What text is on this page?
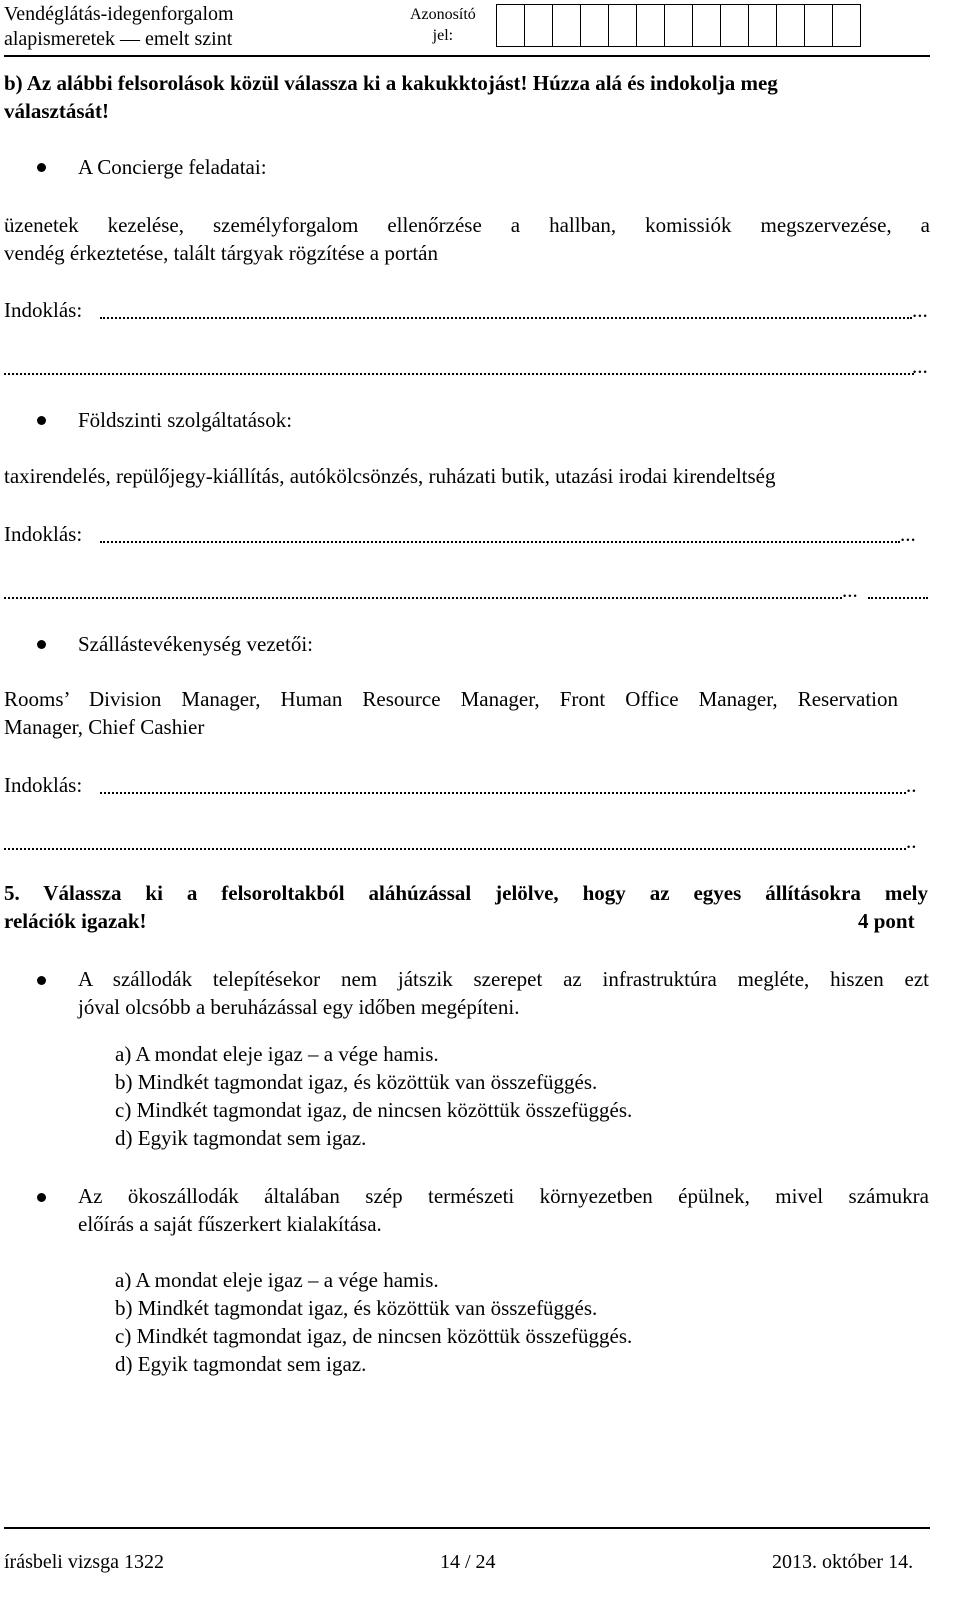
Vendéglátás-idegenforgalom
alapismeretek — emelt szint
Azonosító
jel:
b) Az alábbi felsorolások közül válassza ki a kakukktojást! Húzza alá és indokolja meg
választását!
A Concierge feladatai:
üzenetek kezelése, személyforgalom ellenőrzése a hallban, komissiók megszervezése, a
vendég érkeztetése, talált tárgyak rögzítése a portán
Indoklás:	...
...
Földszinti szolgáltatások:
taxirendelés, repülőjegy-kiállítás, autókölcsönzés, ruházati butik, utazási irodai kirendeltség
Indoklás:	...
...
Szállástevékenység vezetői:
Rooms’ Division Manager, Human Resource Manager, Front Office Manager, Reservation
Manager, Chief Cashier
Indoklás:	..
..
5. Válassza ki a felsoroltakból aláhúzással jelölve, hogy az egyes állításokra mely
relációk igazak!	4 pont
A szállodák telepítésekor nem játszik szerepet az infrastruktúra megléte, hiszen ezt
jóval olcsóbb a beruházással egy időben megépíteni.
a) A mondat eleje igaz – a vége hamis.
b) Mindkét tagmondat igaz, és közöttük van összefüggés.
c) Mindkét tagmondat igaz, de nincsen közöttük összefüggés.
d) Egyik tagmondat sem igaz.
Az ökoszállodák általában szép természeti környezetben épülnek, mivel számukra
előírás a saját fűszerkert kialakítása.
a) A mondat eleje igaz – a vége hamis.
b) Mindkét tagmondat igaz, és közöttük van összefüggés.
c) Mindkét tagmondat igaz, de nincsen közöttük összefüggés.
d) Egyik tagmondat sem igaz.
írásbeli vizsga 1322	14 / 24	2013. október 14.
